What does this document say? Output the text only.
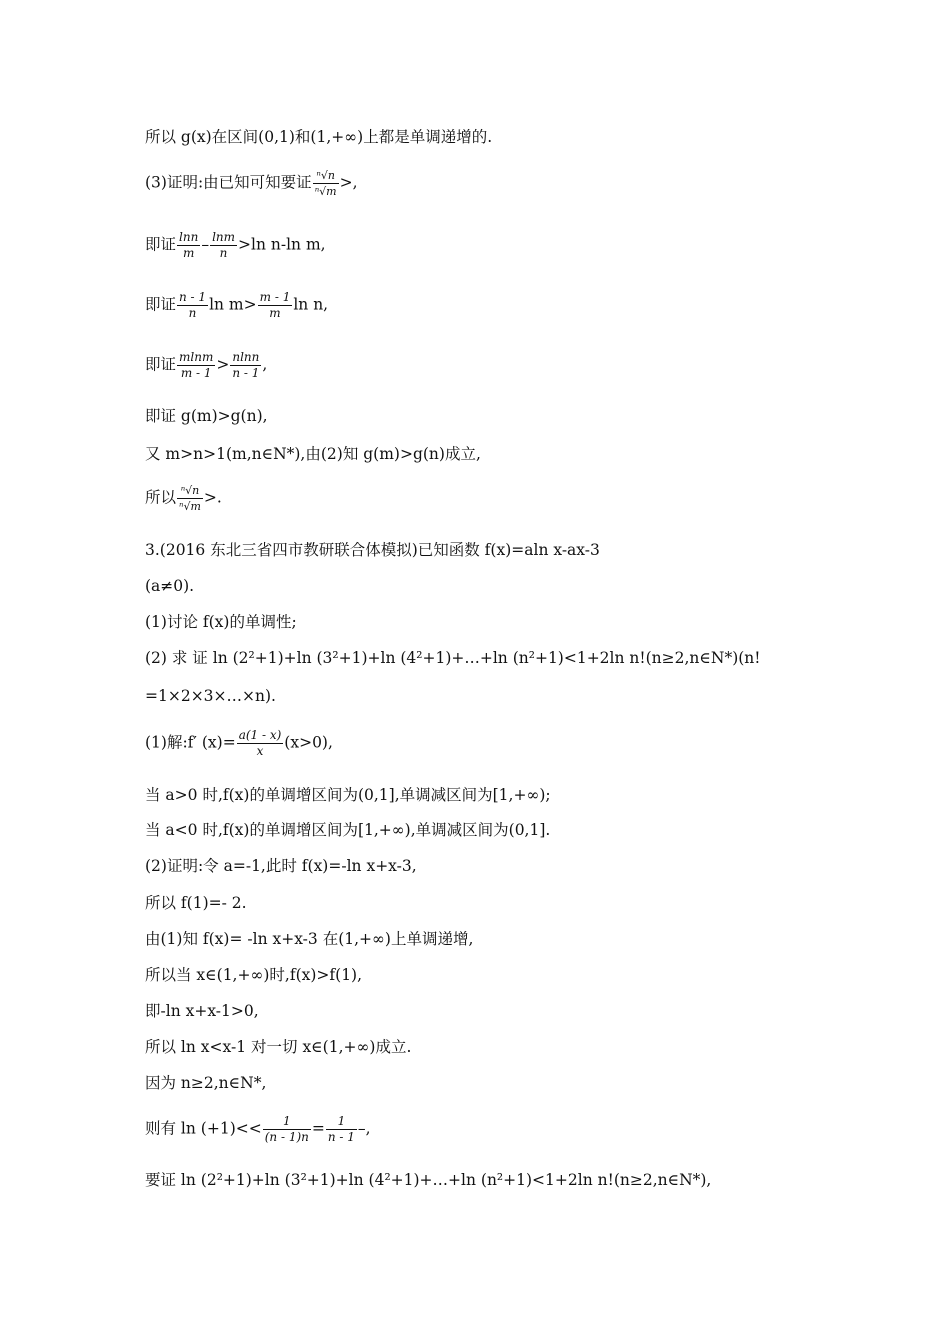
所以 g(x)在区间(0,1)和(1,+∞)上都是单调递增的.
(3)证明:由已知可知要证 $\frac{\text{ⁿ√n}}{\text{ⁿ√m}}$ >,
即证 $\frac{\ln n}{m} - \frac{\ln m}{n} >\ln$ n-ln m,
即证 $\frac{n - 1}{n}$ $\ln m> \frac{m - 1}{m}$ ln n,
即证 $\frac{mlnm}{m - 1} > \frac{nlnn}{n - 1}$ ,
即证 g(m)>g(n),
又 m>n>1(m,n∈N*),由(2)知 g(m)>g(n)成立,
所以 $\frac{\text{ⁿ√n}}{\text{ⁿ√m}}$ >.
3.(2016 东北三省四市教研联合体模拟)已知函数 f(x)=aln x-ax-3
(a≠0).
(1)讨论 f(x)的单调性;
(2) 求 证 ln (2²+1)+ln (3²+1)+ln (4²+1)+…+ln (n²+1)<1+2ln n!(n≥2,n∈N*)(n!
=1×2×3×…×n).
(1)解:f′ $(x)= \frac{a(1 - x)}{x} (x>0)$,
当 a>0 时,f(x)的单调增区间为(0,1],单调减区间为[1,+∞);
当 a<0 时,f(x)的单调增区间为[1,+∞),单调减区间为(0,1].
(2)证明:令 a=-1,此时 f(x)=-ln x+x-3,
所以 f(1)=- 2.
由(1)知 f(x)= -ln x+x-3 在(1,+∞)上单调递增,
所以当 x∈(1,+∞)时,f(x)>f(1),
即-ln x+x-1>0,
所以 ln x<x-1 对一切 x∈(1,+∞)成立.
因为 n≥2,n∈N*,
则有 $\ln (+1)<< \frac{1}{(n - 1)n} = \frac{1}{n - 1}$ –,
要证 ln (2²+1)+ln (3²+1)+ln (4²+1)+…+ln (n²+1)<1+2ln n!(n≥2,n∈N*),
